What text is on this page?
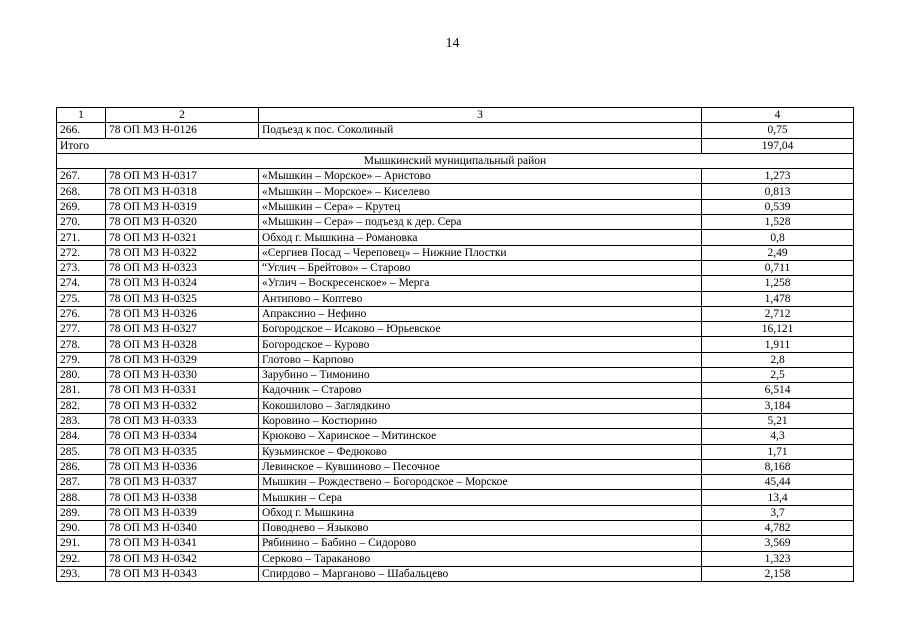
14
1	2	3	4
266.	78 ОП МЗ Н-0126	Подъезд к пос. Соколиный	0,75
Итого			197,04
Мышкинский муниципальный район			
267.	78 ОП МЗ Н-0317	«Мышкин – Морское» – Аристово	1,273
268.	78 ОП МЗ Н-0318	«Мышкин – Морское» – Киселево	0,813
269.	78 ОП МЗ Н-0319	«Мышкин – Сера» – Крутец	0,539
270.	78 ОП МЗ Н-0320	«Мышкин – Сера» – подъезд к дер. Сера	1,528
271.	78 ОП МЗ Н-0321	Обход г. Мышкина – Романовка	0,8
272.	78 ОП МЗ Н-0322	«Сергиев Посад – Череповец» – Нижние Плостки	2,49
273.	78 ОП МЗ Н-0323	“Углич – Брейтово» – Старово	0,711
274.	78 ОП МЗ Н-0324	«Углич – Воскресенское» – Мерга	1,258
275.	78 ОП МЗ Н-0325	Антипово – Коптево	1,478
276.	78 ОП МЗ Н-0326	Апраксино – Нефино	2,712
277.	78 ОП МЗ Н-0327	Богородское – Исаково – Юрьевское	16,121
278.	78 ОП МЗ Н-0328	Богородское – Курово	1,911
279.	78 ОП МЗ Н-0329	Глотово – Карпово	2,8
280.	78 ОП МЗ Н-0330	Зарубино – Тимонино	2,5
281.	78 ОП МЗ Н-0331	Кадочник – Старово	6,514
282.	78 ОП МЗ Н-0332	Кокошилово – Заглядкино	3,184
283.	78 ОП МЗ Н-0333	Коровино – Костюрино	5,21
284.	78 ОП МЗ Н-0334	Крюково – Харинское – Митинское	4,3
285.	78 ОП МЗ Н-0335	Кузьминское – Федюково	1,71
286.	78 ОП МЗ Н-0336	Левинское – Кувшиново – Песочное	8,168
287.	78 ОП МЗ Н-0337	Мышкин – Рождествено – Богородское – Морское	45,44
288.	78 ОП МЗ Н-0338	Мышкин – Сера	13,4
289.	78 ОП МЗ Н-0339	Обход г. Мышкина	3,7
290.	78 ОП МЗ Н-0340	Поводнево – Языково	4,782
291.	78 ОП МЗ Н-0341	Рябинино – Бабино – Сидорово	3,569
292.	78 ОП МЗ Н-0342	Серково – Тараканово	1,323
293.	78 ОП МЗ Н-0343	Спирдово – Марганово – Шабальцево	2,158
